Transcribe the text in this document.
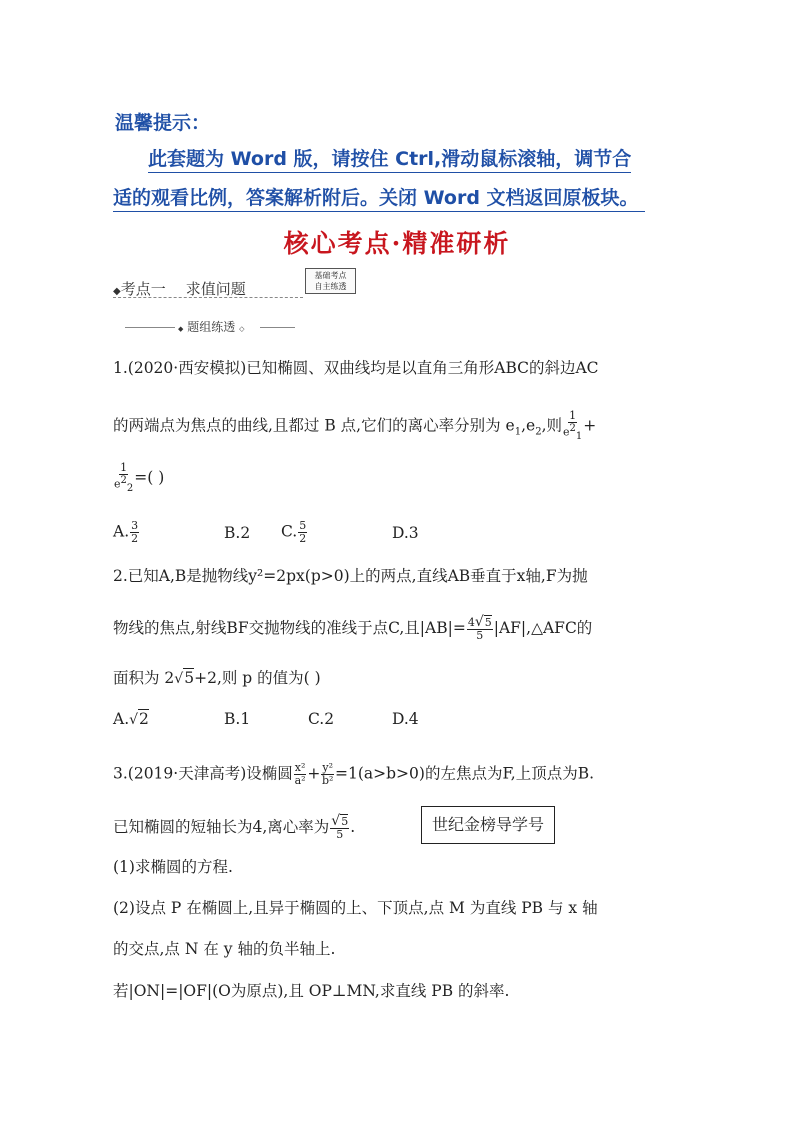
温馨提示：
此套题为 Word 版，请按住 Ctrl,滑动鼠标滚轴，调节合
适的观看比例，答案解析附后。关闭 Word 文档返回原板块。
核心考点·精准研析
◆考点一 求值问题
基础考点
自主练透
◆ 题组练透 ◇
1.(2020·西安模拟)已知椭圆、双曲线均是以直角三角形ABC的斜边AC
的两端点为焦点的曲线,且都过 B 点,它们的离心率分别为 $e_1,e_2$,则 $\frac{1}{e^2_1}$ +
$\frac{1}{e^2_2}$ =( )
A. $\frac{3}{2}$	B.2 C. $\frac{5}{2}$	D.3
2.已知A,B是抛物线y²=2px(p>0)上的两点,直线AB垂直于x轴,F为抛
物线的焦点,射线BF交抛物线的准线于点C,且$|AB|= \frac{4√5}{5}$ |AF|,△AFC的
面积为 2√5+2,则 p 的值为( )
A.√2	B.1	C.2	D.4
3.(2019·天津高考)设椭圆 $\frac{\text{x²}}{\text{a²}} + \frac{\text{y²}}{\text{b²}} =1(a>b>0)$的左焦点为F,上顶点为B.
已知椭圆的短轴长为4,离心率为 $\frac{√5}{5}$ .	世纪金榜导学号
(1)求椭圆的方程.
(2)设点 P 在椭圆上,且异于椭圆的上、下顶点,点 M 为直线 PB 与 x 轴
的交点,点 N 在 y 轴的负半轴上.
若|ON|=|OF|(O为原点),且 OP⊥MN,求直线 PB 的斜率.
